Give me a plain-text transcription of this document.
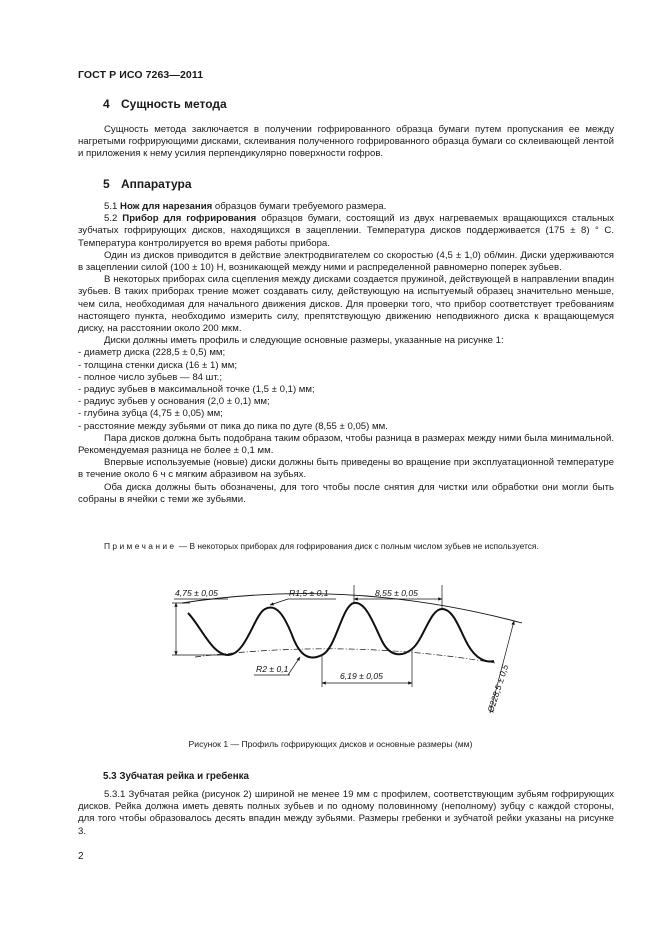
ГОСТ Р ИСО 7263—2011
4 Сущность метода

Сущность метода заключается в получении гофрированного образца бумаги путем пропускания ее между нагретыми гофрирующими дисками, склеивания полученного гофрированного образца бумаги со склеивающей лентой и приложения к нему усилия перпендикулярно поверхности гофров.

5 Аппаратура

5.1 Нож для нарезания образцов бумаги требуемого размера.

5.2 Прибор для гофрирования образцов бумаги, состоящий из двух нагреваемых вращающихся стальных зубчатых гофрирующих дисков, находящихся в зацеплении. Температура дисков поддерживается (175 ± 8) ° С. Температура контролируется во время работы прибора.

Один из дисков приводится в действие электродвигателем со скоростью (4,5 ± 1,0) об/мин. Диски удерживаются в зацеплении силой (100 ± 10) Н, возникающей между ними и распределенной равномерно поперек зубьев.

В некоторых приборах сила сцепления между дисками создается пружиной, действующей в направлении впадин зубьев. В таких приборах трение может создавать силу, действующую на испытуемый образец значительно меньше, чем сила, необходимая для начального движения дисков. Для проверки того, что прибор соответствует требованиям настоящего пункта, необходимо измерить силу, препятствующую движению неподвижного диска к вращающемуся диску, на расстоянии около 200 мкм.

Диски должны иметь профиль и следующие основные размеры, указанные на рисунке 1:

- диаметр диска (228,5 ± 0,5) мм;

- толщина стенки диска (16 ± 1) мм;

- полное число зубьев — 84 шт.;

- радиус зубьев в максимальной точке (1,5 ± 0,1) мм;

- радиус зубьев у основания (2,0 ± 0,1) мм;

- глубина зубца (4,75 ± 0,05) мм;

- расстояние между зубьями от пика до пика по дуге (8,55 ± 0,05) мм.

Пара дисков должна быть подобрана таким образом, чтобы разница в размерах между ними была минимальной. Рекомендуемая разница не более ± 0,1 мм.

Впервые используемые (новые) диски должны быть приведены во вращение при эксплуатационной температуре в течение около 6 ч с мягким абразивом на зубьях.

Оба диска должны быть обозначены, для того чтобы после снятия для чистки или обработки они могли быть собраны в ячейки с теми же зубьями.

Примечание — В некоторых приборах для гофрирования диск с полным числом зубьев не используется.
4,75 ± 0,05	R1,5 ± 0,1	8,55 ± 0,05
R2 ± 0,1
6,19 ± 0,05	Ø228,5 ± 0,5
Рисунок 1 — Профиль гофрирующих дисков и основные размеры (мм)
5.3 Зубчатая рейка и гребенка

5.3.1 Зубчатая рейка (рисунок 2) шириной не менее 19 мм с профилем, соответствующим зубьям гофрирующих дисков. Рейка должна иметь девять полных зубьев и по одному половинному (неполному) зубцу с каждой стороны, для того чтобы образовалось десять впадин между зубьями. Размеры гребенки и зубчатой рейки указаны на рисунке 3.

2
